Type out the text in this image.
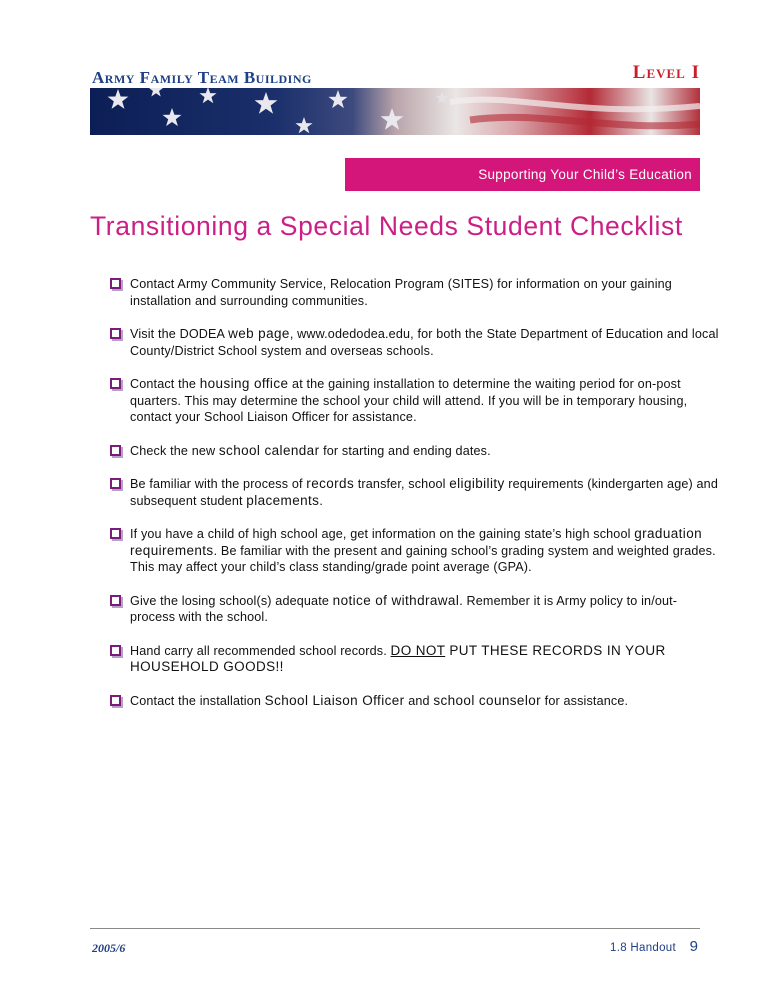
Army Family Team Building	Level I
Supporting Your Child’s Education
Transitioning a Special Needs Student Checklist
Contact Army Community Service, Relocation Program (SITES) for information on your gaining installation and surrounding communities.
Visit the DODEA web page, www.odedodea.edu, for both the State Department of Education and local County/District School system and overseas schools.
Contact the housing office at the gaining installation to determine the waiting period for on-post quarters. This may determine the school your child will attend. If you will be in temporary housing, contact your School Liaison Officer for assistance.
Check the new school calendar for starting and ending dates.
Be familiar with the process of records transfer, school eligibility requirements (kindergarten age) and subsequent student placements.
If you have a child of high school age, get information on the gaining state’s high school graduation requirements. Be familiar with the present and gaining school’s grading system and weighted grades. This may affect your child’s class standing/grade point average (GPA).
Give the losing school(s) adequate notice of withdrawal. Remember it is Army policy to in/out-process with the school.
Hand carry all recommended school records. DO NOT PUT THESE RECORDS IN YOUR HOUSEHOLD GOODS!!
Contact the installation School Liaison Officer and school counselor for assistance.
2005/6	1.8 Handout 9
